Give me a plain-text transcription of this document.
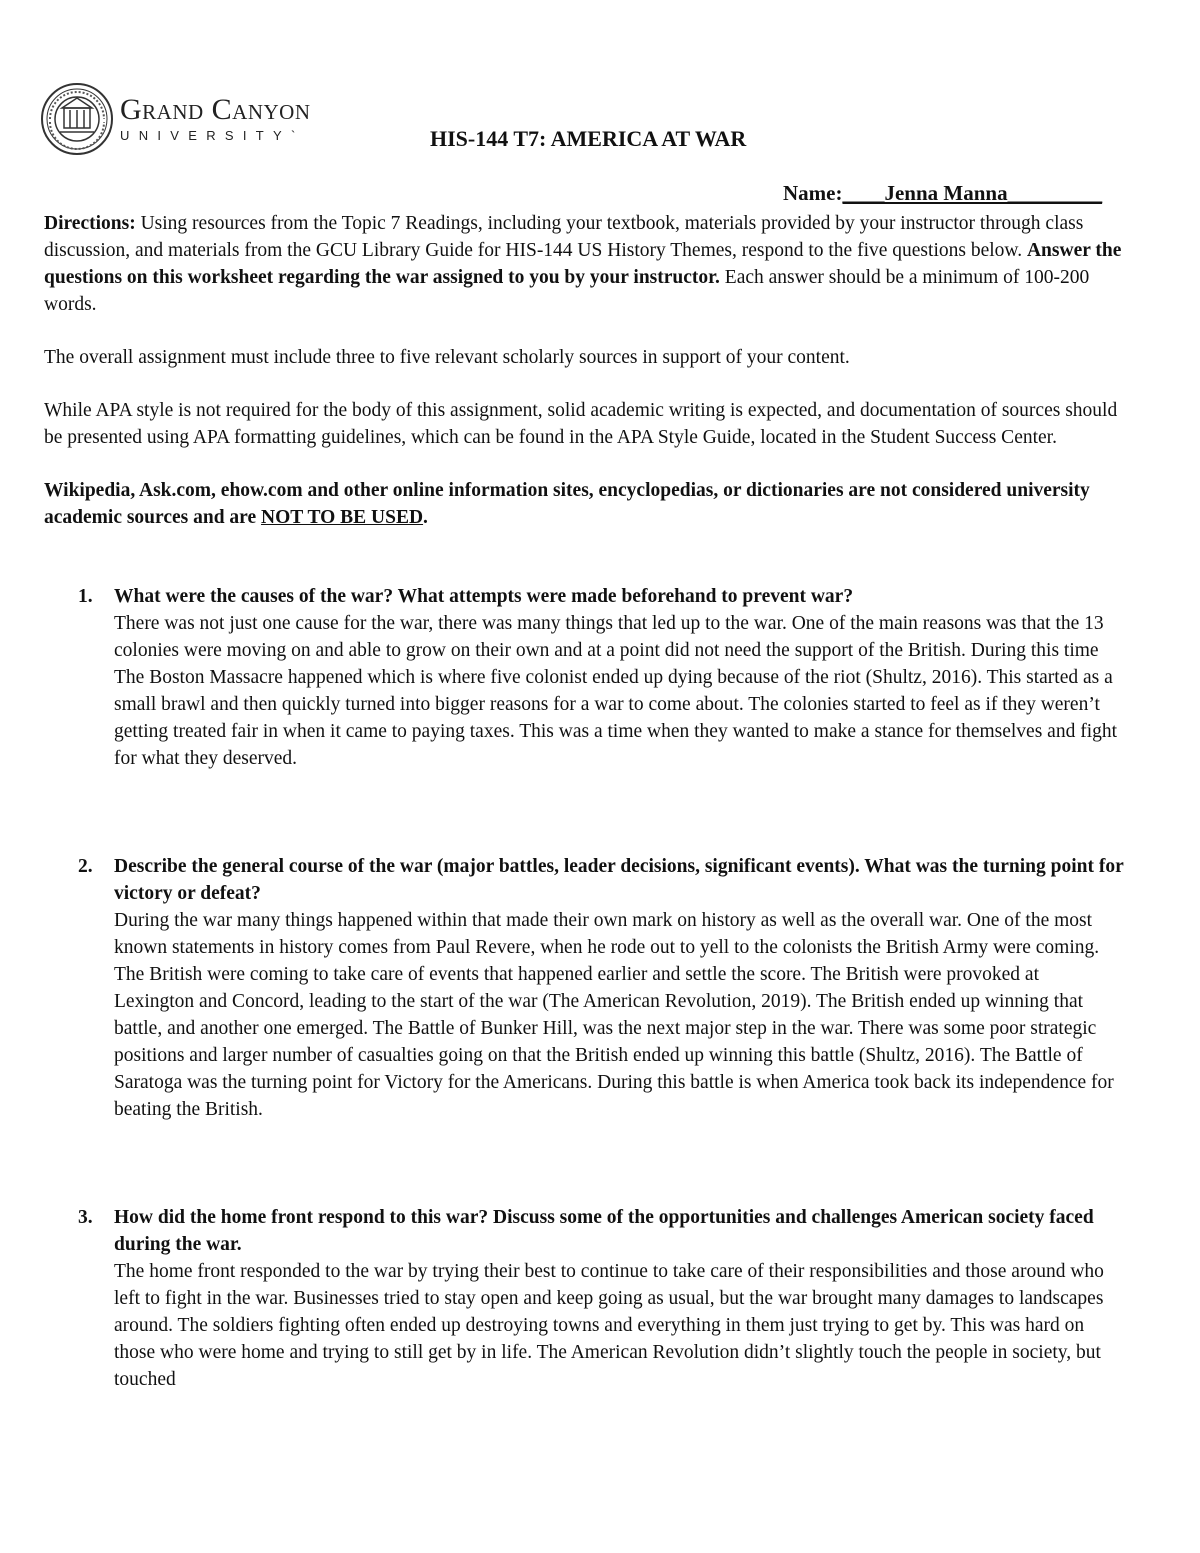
Grand Canyon
UNIVERSITY`	HIS-144 T7: AMERICA AT WAR
Name:____Jenna Manna_________

Directions: Using resources from the Topic 7 Readings, including your textbook, materials provided by your instructor through class discussion, and materials from the GCU Library Guide for HIS-144 US History Themes, respond to the five questions below. Answer the questions on this worksheet regarding the war assigned to you by your instructor. Each answer should be a minimum of 100-200 words.

The overall assignment must include three to five relevant scholarly sources in support of your content.

While APA style is not required for the body of this assignment, solid academic writing is expected, and documentation of sources should be presented using APA formatting guidelines, which can be found in the APA Style Guide, located in the Student Success Center.

Wikipedia, Ask.com, ehow.com and other online information sites, encyclopedias, or dictionaries are not considered university academic sources and are NOT TO BE USED.

1. What were the causes of the war? What attempts were made beforehand to prevent war?
There was not just one cause for the war, there was many things that led up to the war. One of the main reasons was that the 13 colonies were moving on and able to grow on their own and at a point did not need the support of the British. During this time The Boston Massacre happened which is where five colonist ended up dying because of the riot (Shultz, 2016). This started as a small brawl and then quickly turned into bigger reasons for a war to come about. The colonies started to feel as if they weren’t getting treated fair in when it came to paying taxes. This was a time when they wanted to make a stance for themselves and fight for what they deserved.
2. Describe the general course of the war (major battles, leader decisions, significant events). What was the turning point for victory or defeat?
During the war many things happened within that made their own mark on history as well as the overall war. One of the most known statements in history comes from Paul Revere, when he rode out to yell to the colonists the British Army were coming. The British were coming to take care of events that happened earlier and settle the score. The British were provoked at Lexington and Concord, leading to the start of the war (The American Revolution, 2019). The British ended up winning that battle, and another one emerged. The Battle of Bunker Hill, was the next major step in the war. There was some poor strategic positions and larger number of casualties going on that the British ended up winning this battle (Shultz, 2016). The Battle of Saratoga was the turning point for Victory for the Americans. During this battle is when America took back its independence for beating the British.
3. How did the home front respond to this war? Discuss some of the opportunities and challenges American society faced during the war.
The home front responded to the war by trying their best to continue to take care of their responsibilities and those around who left to fight in the war. Businesses tried to stay open and keep going as usual, but the war brought many damages to landscapes around. The soldiers fighting often ended up destroying towns and everything in them just trying to get by. This was hard on those who were home and trying to still get by in life. The American Revolution didn’t slightly touch the people in society, but touched
